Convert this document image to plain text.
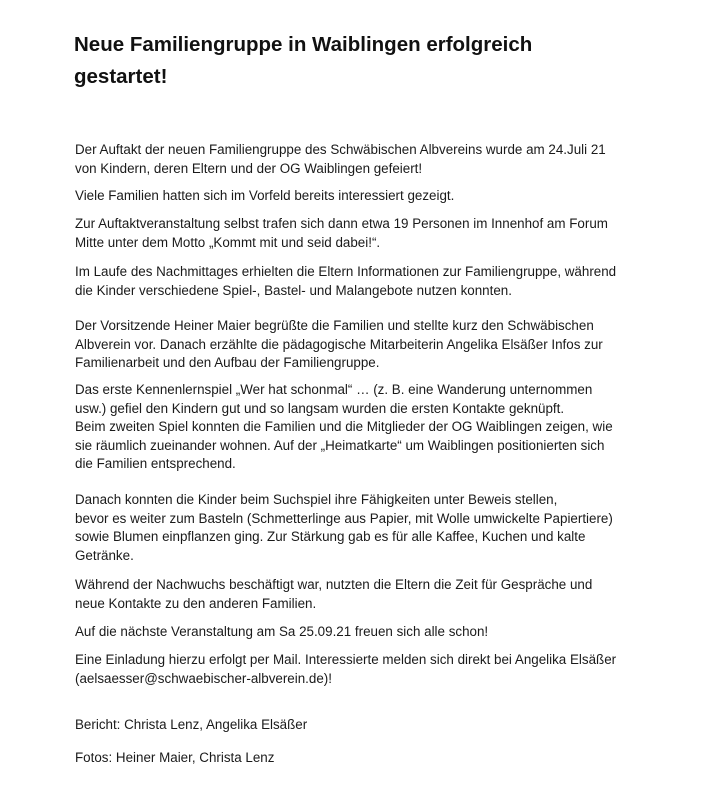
Neue Familiengruppe in Waiblingen erfolgreich
gestartet!
Der Auftakt der neuen Familiengruppe des Schwäbischen Albvereins wurde am 24.Juli 21
von Kindern, deren Eltern und der OG Waiblingen gefeiert!
Viele Familien hatten sich im Vorfeld bereits interessiert gezeigt.
Zur Auftaktveranstaltung selbst trafen sich dann etwa 19 Personen im Innenhof am Forum
Mitte unter dem Motto „Kommt mit und seid dabei!“.
Im Laufe des Nachmittages erhielten die Eltern Informationen zur Familiengruppe, während
die Kinder verschiedene Spiel-, Bastel- und Malangebote nutzen konnten.
Der Vorsitzende Heiner Maier begrüßte die Familien und stellte kurz den Schwäbischen
Albverein vor. Danach erzählte die pädagogische Mitarbeiterin Angelika Elsäßer Infos zur
Familienarbeit und den Aufbau der Familiengruppe.
Das erste Kennenlernspiel „Wer hat schonmal“ … (z. B. eine Wanderung unternommen
usw.) gefiel den Kindern gut und so langsam wurden die ersten Kontakte geknüpft.
Beim zweiten Spiel konnten die Familien und die Mitglieder der OG Waiblingen zeigen, wie
sie räumlich zueinander wohnen. Auf der „Heimatkarte“ um Waiblingen positionierten sich
die Familien entsprechend.
Danach konnten die Kinder beim Suchspiel ihre Fähigkeiten unter Beweis stellen,
bevor es weiter zum Basteln (Schmetterlinge aus Papier, mit Wolle umwickelte Papiertiere)
sowie Blumen einpflanzen ging. Zur Stärkung gab es für alle Kaffee, Kuchen und kalte
Getränke.
Während der Nachwuchs beschäftigt war, nutzten die Eltern die Zeit für Gespräche und
neue Kontakte zu den anderen Familien.
Auf die nächste Veranstaltung am Sa 25.09.21 freuen sich alle schon!
Eine Einladung hierzu erfolgt per Mail. Interessierte melden sich direkt bei Angelika Elsäßer
(aelsaesser@schwaebischer-albverein.de)!
Bericht: Christa Lenz, Angelika Elsäßer
Fotos: Heiner Maier, Christa Lenz
